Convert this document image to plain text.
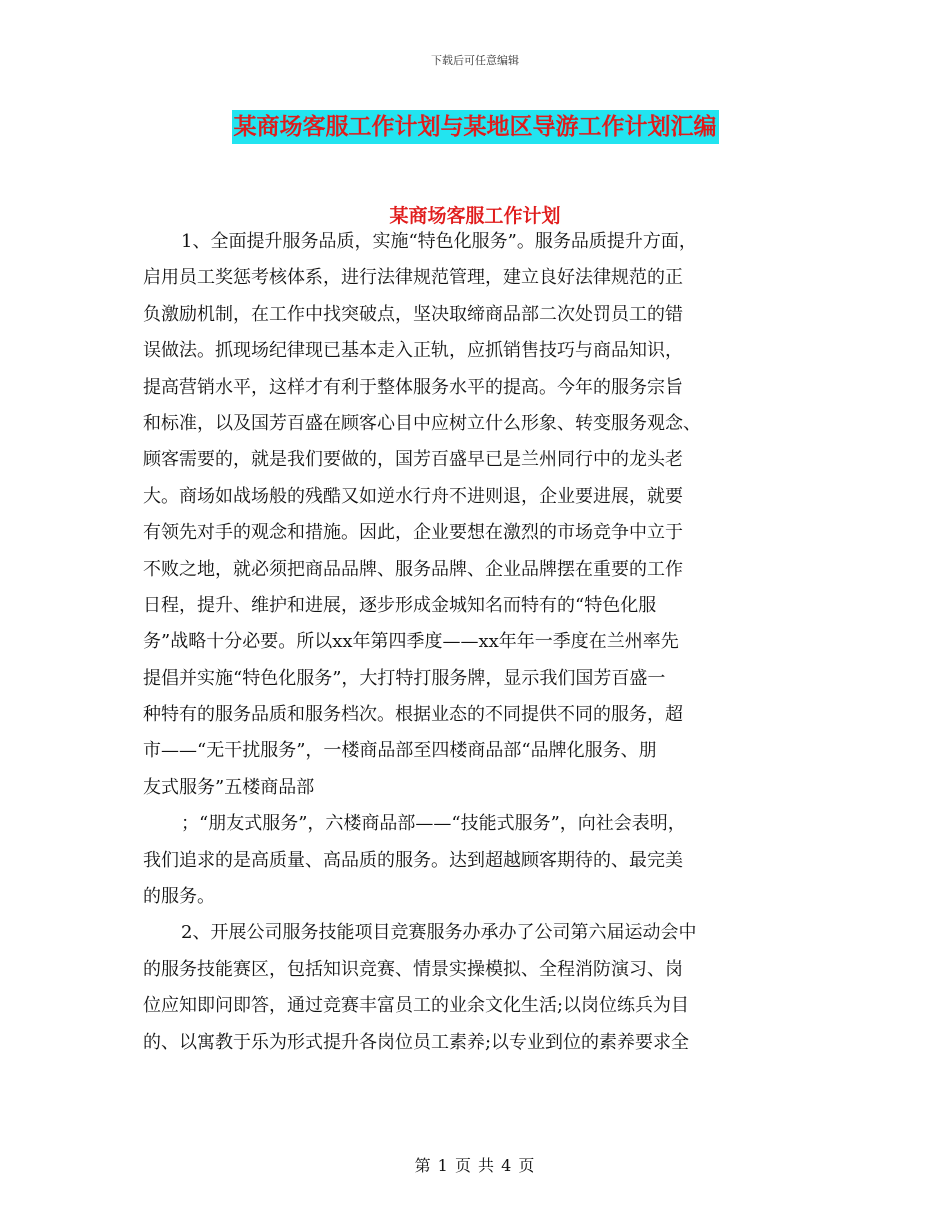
下载后可任意编辑
某商场客服工作计划与某地区导游工作计划汇编
某商场客服工作计划
1、全面提升服务品质，实施“特色化服务”。服务品质提升方面，
启用员工奖惩考核体系，进行法律规范管理，建立良好法律规范的正
负激励机制，在工作中找突破点，坚决取缔商品部二次处罚员工的错
误做法。抓现场纪律现已基本走入正轨，应抓销售技巧与商品知识，
提高营销水平，这样才有利于整体服务水平的提高。今年的服务宗旨
和标准，以及国芳百盛在顾客心目中应树立什么形象、转变服务观念、
顾客需要的，就是我们要做的，国芳百盛早已是兰州同行中的龙头老
大。商场如战场般的残酷又如逆水行舟不进则退，企业要进展，就要
有领先对手的观念和措施。因此，企业要想在激烈的市场竞争中立于
不败之地，就必须把商品品牌、服务品牌、企业品牌摆在重要的工作
日程，提升、维护和进展，逐步形成金城知名而特有的“特色化服
务”战略十分必要。所以xx年第四季度——xx年年一季度在兰州率先
提倡并实施“特色化服务”，大打特打服务牌，显示我们国芳百盛一
种特有的服务品质和服务档次。根据业态的不同提供不同的服务，超
市——“无干扰服务”，一楼商品部至四楼商品部“品牌化服务、朋
友式服务”五楼商品部
；“朋友式服务”，六楼商品部——“技能式服务”，向社会表明，
我们追求的是高质量、高品质的服务。达到超越顾客期待的、最完美
的服务。
2、开展公司服务技能项目竞赛服务办承办了公司第六届运动会中
的服务技能赛区，包括知识竞赛、情景实操模拟、全程消防演习、岗
位应知即问即答，通过竞赛丰富员工的业余文化生活;以岗位练兵为目
的、以寓教于乐为形式提升各岗位员工素养;以专业到位的素养要求全
第 1 页 共 4 页
